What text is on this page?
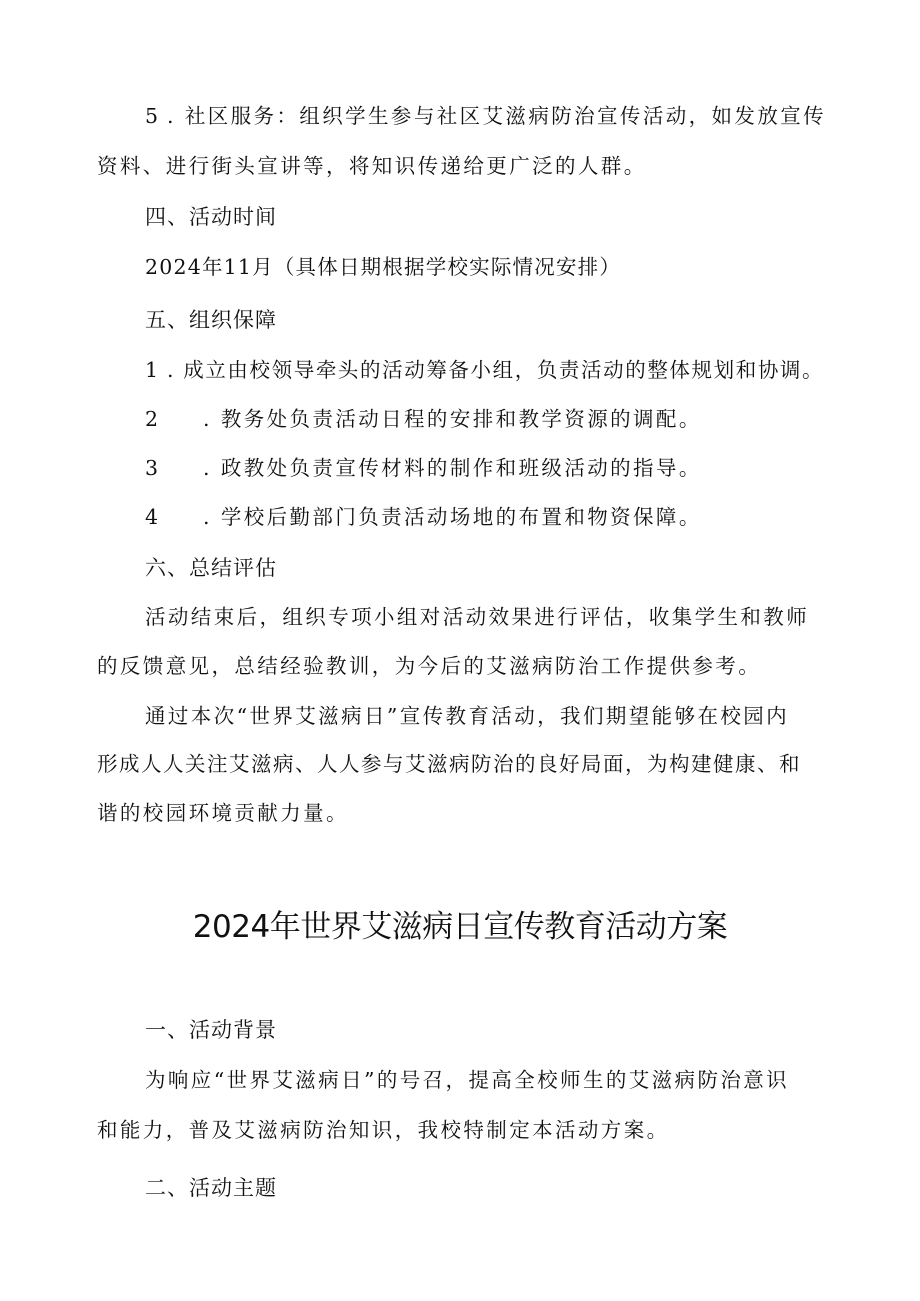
5 . 社区服务：组织学生参与社区艾滋病防治宣传活动，如发放宣传
资料、进行街头宣讲等，将知识传递给更广泛的人群。
四、活动时间
2024年11月（具体日期根据学校实际情况安排）
五、组织保障
1 . 成立由校领导牵头的活动筹备小组，负责活动的整体规划和协调。
2 . 教务处负责活动日程的安排和教学资源的调配。
3 . 政教处负责宣传材料的制作和班级活动的指导。
4 . 学校后勤部门负责活动场地的布置和物资保障。
六、总结评估
活动结束后，组织专项小组对活动效果进行评估，收集学生和教师
的反馈意见，总结经验教训，为今后的艾滋病防治工作提供参考。
通过本次“世界艾滋病日”宣传教育活动，我们期望能够在校园内
形成人人关注艾滋病、人人参与艾滋病防治的良好局面，为构建健康、和
谐的校园环境贡献力量。
2024年世界艾滋病日宣传教育活动方案
一、活动背景
为响应“世界艾滋病日”的号召，提高全校师生的艾滋病防治意识
和能力，普及艾滋病防治知识，我校特制定本活动方案。
二、活动主题
